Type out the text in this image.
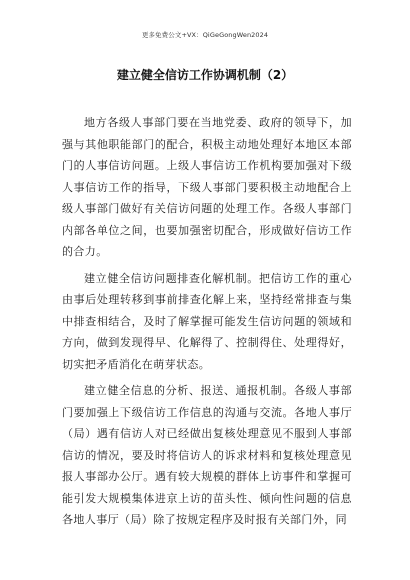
更多免费公文+VX：QiGeGongWen2024
建立健全信访工作协调机制（2）

地方各级人事部门要在当地党委、政府的领导下，加强与其他职能部门的配合，积极主动地处理好本地区本部门的人事信访问题。上级人事信访工作机构要加强对下级人事信访工作的指导，下级人事部门要积极主动地配合上级人事部门做好有关信访问题的处理工作。各级人事部门内部各单位之间，也要加强密切配合，形成做好信访工作的合力。

建立健全信访问题排查化解机制。把信访工作的重心由事后处理转移到事前排查化解上来，坚持经常排查与集中排查相结合，及时了解掌握可能发生信访问题的领域和方向，做到发现得早、化解得了、控制得住、处理得好，切实把矛盾消化在萌芽状态。

建立健全信息的分析、报送、通报机制。各级人事部门要加强上下级信访工作信息的沟通与交流。各地人事厅（局）遇有信访人对已经做出复核处理意见不服到人事部信访的情况，要及时将信访人的诉求材料和复核处理意见报人事部办公厅。遇有较大规模的群体上访事件和掌握可能引发大规模集体进京上访的苗头性、倾向性问题的信息各地人事厅（局）除了按规定程序及时报有关部门外，同
